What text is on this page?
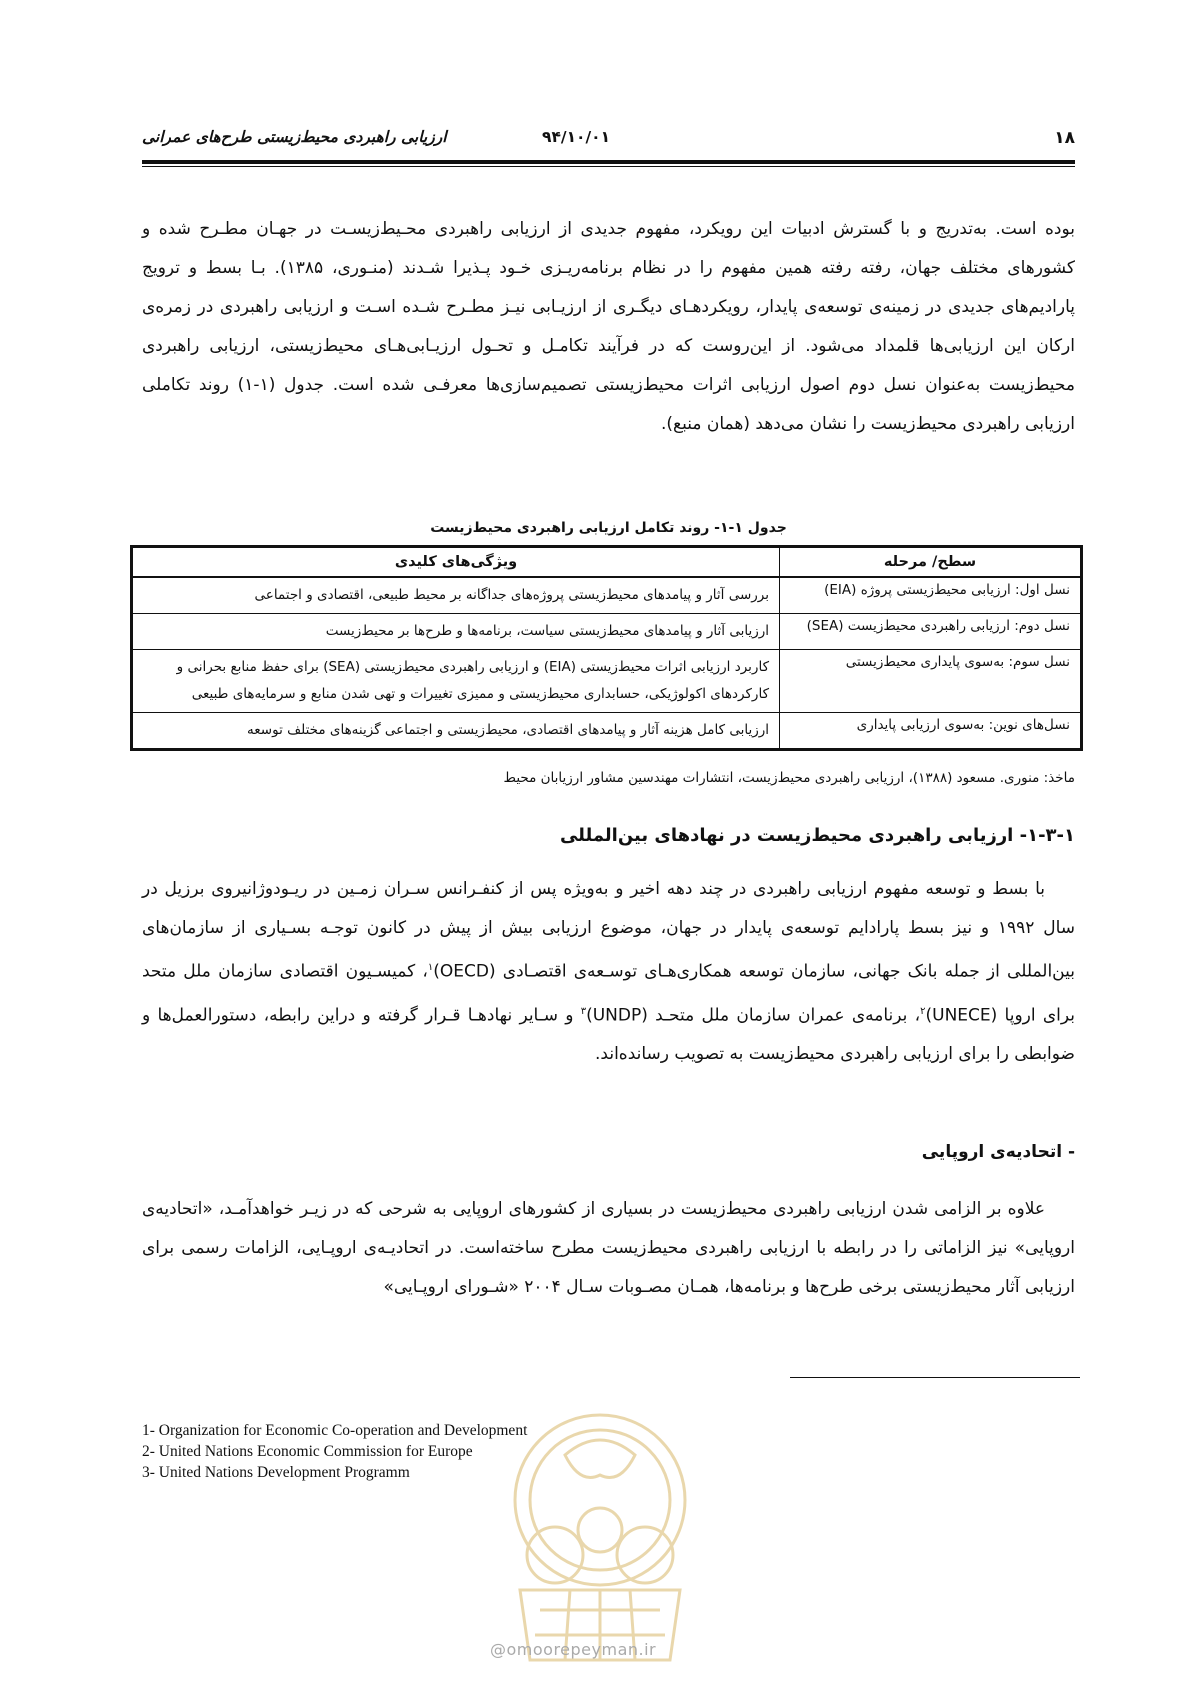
۱۸
۹۴/۱۰/۰۱
ارزیابی راهبردی محیط‌زیستی طرح‌های عمرانی

بوده است. به‌تدریج و با گسترش ادبیات این رویکرد، مفهوم جدیدی از ارزیابی راهبردی محـیط‌زیسـت در جهـان مطـرح شده و کشورهای مختلف جهان، رفته رفته همین مفهوم را در نظام برنامه‌ریـزی خـود پـذیرا شـدند (منـوری، ۱۳۸۵). بـا بسط و ترویج پارادیم‌های جدیدی در زمینه‌ی توسعه‌ی پایدار، رویکردهـای دیگـری از ارزیـابی نیـز مطـرح شـده اسـت و ارزیابی راهبردی در زمره‌ی ارکان این ارزیابی‌ها قلمداد می‌شود. از این‌روست که در فرآیند تکامـل و تحـول ارزیـابی‌هـای محیط‌زیستی، ارزیابی راهبردی محیط‌زیست به‌عنوان نسل دوم اصول ارزیابی اثرات محیط‌زیستی تصمیم‌سازی‌ها معرفـی شده است. جدول (۱-۱) روند تکاملی ارزیابی راهبردی محیط‌زیست را نشان می‌دهد (همان منبع).

جدول ۱-۱- روند تکامل ارزیابی راهبردی محیط‌زیست
سطح/ مرحله	ویژگی‌های کلیدی
نسل اول: ارزیابی محیط‌زیستی پروژه (EIA)	بررسی آثار و پیامدهای محیط‌زیستی پروژه‌های جداگانه بر محیط طبیعی، اقتصادی و اجتماعی
نسل دوم: ارزیابی راهبردی محیط‌زیست (SEA)	ارزیابی آثار و پیامدهای محیط‌زیستی سیاست، برنامه‌ها و طرح‌ها بر محیط‌زیست
نسل سوم: به‌سوی پایداری محیط‌زیستی	کاربرد ارزیابی اثرات محیط‌زیستی (EIA) و ارزیابی راهبردی محیط‌زیستی (SEA) برای حفظ منابع بحرانی و کارکردهای اکولوژیکی، حسابداری محیط‌زیستی و ممیزی تغییرات و تهی شدن منابع و سرمایه‌های طبیعی
نسل‌های نوین: به‌سوی ارزیابی پایداری	ارزیابی کامل هزینه آثار و پیامدهای اقتصادی، محیط‌زیستی و اجتماعی گزینه‌های مختلف توسعه
ماخذ: منوری. مسعود (۱۳۸۸)، ارزیابی راهبردی محیط‌زیست، انتشارات مهندسین مشاور ارزیابان محیط
۱-۳-۱- ارزیابی راهبردی محیط‌زیست در نهادهای بین‌المللی

با بسط و توسعه مفهوم ارزیابی راهبردی در چند دهه اخیر و به‌ویژه پس از کنفـرانس سـران زمـین در ریـودوژانیروی برزیل در سال ۱۹۹۲ و نیز بسط پارادایم توسعه‌ی پایدار در جهان، موضوع ارزیابی بیش از پیش در کانون توجـه بسـیاری از سازمان‌های بین‌المللی از جمله بانک جهانی، سازمان توسعه همکاری‌هـای توسـعه‌ی اقتصـادی (OECD)$^۱$، کمیسـیون اقتصادی سازمان ملل متحد برای اروپا (UNECE)$^۲$، برنامه‌ی عمران سازمان ملل متحـد (UNDP)$^۳$ و سـایر نهادهـا قـرار گرفته و دراین رابطه، دستورالعمل‌ها و ضوابطی را برای ارزیابی راهبردی محیط‌زیست به تصویب رسانده‌اند.

- اتحادیه‌ی اروپایی

علاوه بر الزامی شدن ارزیابی راهبردی محیط‌زیست در بسیاری از کشورهای اروپایی به شرحی که در زیـر خواهدآمـد، «اتحادیه‌ی اروپایی» نیز الزاماتی را در رابطه با ارزیابی راهبردی محیط‌زیست مطرح ساخته‌است. در اتحادیـه‌ی اروپـایی، الزامات رسمی برای ارزیابی آثار محیط‌زیستی برخی طرح‌ها و برنامه‌ها، همـان مصـوبات سـال ۲۰۰۴ «شـورای اروپـایی»

1- Organization for Economic Co-operation and Development
2- United Nations Economic Commission for Europe
3- United Nations Development Programm
@omoorepeyman.ir
